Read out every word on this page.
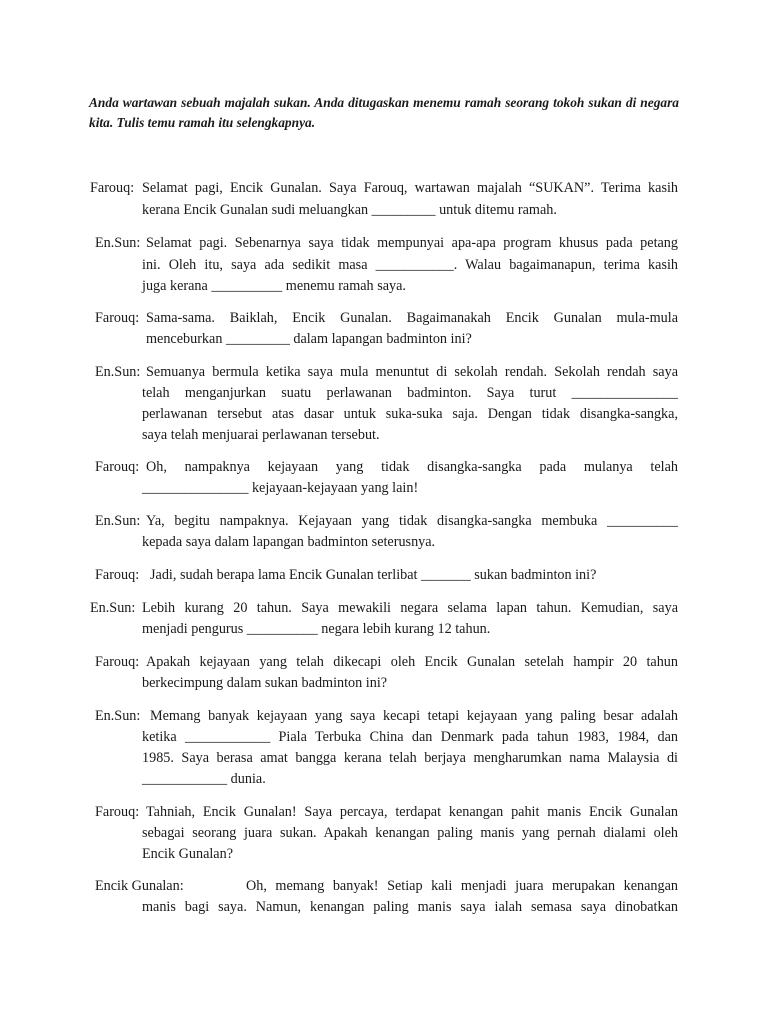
Anda wartawan sebuah majalah sukan. Anda ditugaskan menemu ramah seorang tokoh sukan di negara kita. Tulis temu ramah itu selengkapnya.

Farouq:

Selamat pagi, Encik Gunalan. Saya Farouq, wartawan majalah “SUKAN”. Terima kasih

kerana Encik Gunalan sudi meluangkan _________ untuk ditemu ramah.

En.Sun:

Selamat pagi. Sebenarnya saya tidak mempunyai apa-apa program khusus pada petang

ini. Oleh itu, saya ada sedikit masa ___________. Walau bagaimanapun, terima kasih

juga kerana __________ menemu ramah saya.

Farouq:

Sama-sama. Baiklah, Encik Gunalan. Bagaimanakah Encik Gunalan mula-mula

menceburkan _________ dalam lapangan badminton ini?

En.Sun:

Semuanya bermula ketika saya mula menuntut di sekolah rendah. Sekolah rendah saya

telah menganjurkan suatu perlawanan badminton. Saya turut _______________

perlawanan tersebut atas dasar untuk suka-suka saja. Dengan tidak disangka-sangka,

saya telah menjuarai perlawanan tersebut.

Farouq:

Oh, nampaknya kejayaan yang tidak disangka-sangka pada mulanya telah

_______________ kejayaan-kejayaan yang lain!

En.Sun:

Ya, begitu nampaknya. Kejayaan yang tidak disangka-sangka membuka __________

kepada saya dalam lapangan badminton seterusnya.

Farouq:

Jadi, sudah berapa lama Encik Gunalan terlibat _______ sukan badminton ini?

En.Sun:

Lebih kurang 20 tahun. Saya mewakili negara selama lapan tahun. Kemudian, saya

menjadi pengurus __________ negara lebih kurang 12 tahun.

Farouq:

Apakah kejayaan yang telah dikecapi oleh Encik Gunalan setelah hampir 20 tahun

berkecimpung dalam sukan badminton ini?

En.Sun:

Memang banyak kejayaan yang saya kecapi tetapi kejayaan yang paling besar adalah

ketika ____________ Piala Terbuka China dan Denmark pada tahun 1983, 1984, dan

1985. Saya berasa amat bangga kerana telah berjaya mengharumkan nama Malaysia di

____________ dunia.

Farouq:

Tahniah, Encik Gunalan! Saya percaya, terdapat kenangan pahit manis Encik Gunalan

sebagai seorang juara sukan. Apakah kenangan paling manis yang pernah dialami oleh

Encik Gunalan?

Encik Gunalan:

	Oh, memang banyak! Setiap kali menjadi juara merupakan kenangan

manis bagi saya. Namun, kenangan paling manis saya ialah semasa saya dinobatkan
